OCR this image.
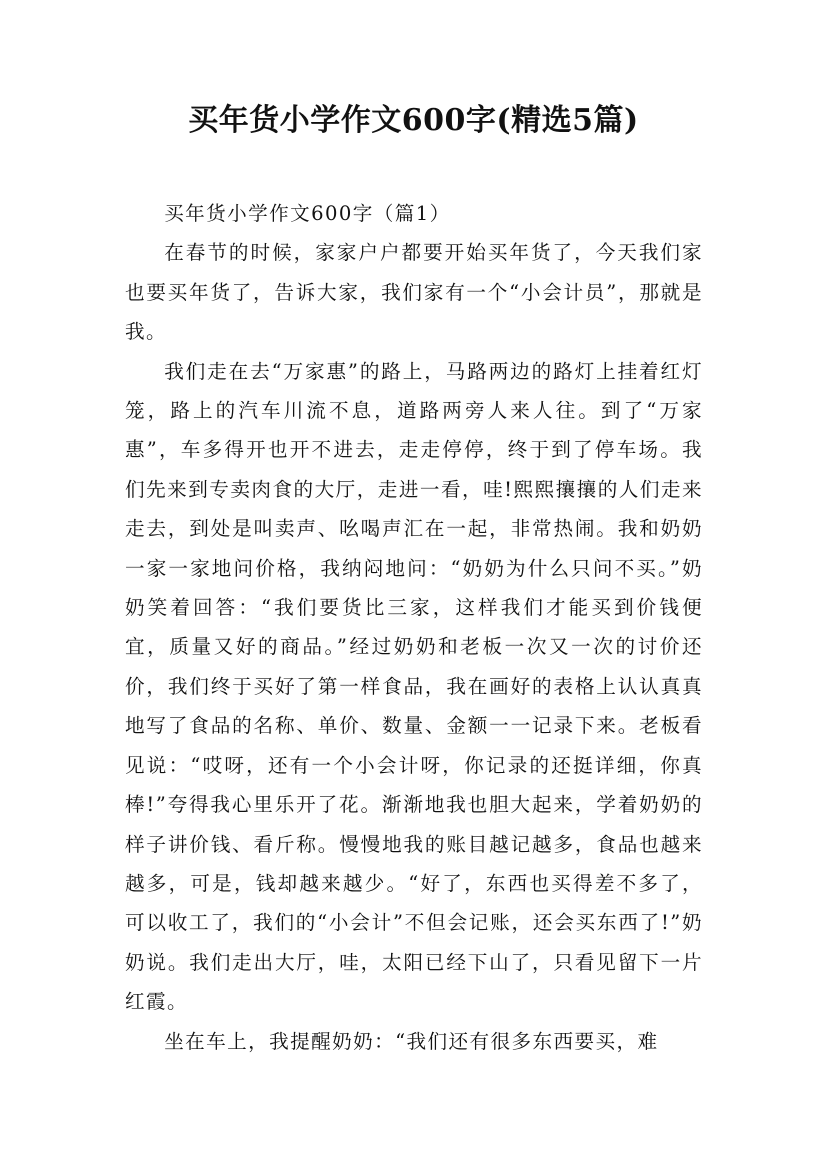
买年货小学作文600字(精选5篇)

买年货小学作文600字（篇1）

在春节的时候，家家户户都要开始买年货了，今天我们家也要买年货了，告诉大家，我们家有一个“小会计员”，那就是我。

我们走在去“万家惠”的路上，马路两边的路灯上挂着红灯笼，路上的汽车川流不息，道路两旁人来人往。到了“万家惠”，车多得开也开不进去，走走停停，终于到了停车场。我们先来到专卖肉食的大厅，走进一看，哇!熙熙攘攘的人们走来走去，到处是叫卖声、吆喝声汇在一起，非常热闹。我和奶奶一家一家地问价格，我纳闷地问：“奶奶为什么只问不买。”奶奶笑着回答：“我们要货比三家，这样我们才能买到价钱便宜，质量又好的商品。”经过奶奶和老板一次又一次的讨价还价，我们终于买好了第一样食品，我在画好的表格上认认真真地写了食品的名称、单价、数量、金额一一记录下来。老板看见说：“哎呀，还有一个小会计呀，你记录的还挺详细，你真棒!”夸得我心里乐开了花。渐渐地我也胆大起来，学着奶奶的样子讲价钱、看斤称。慢慢地我的账目越记越多，食品也越来越多，可是，钱却越来越少。“好了，东西也买得差不多了，可以收工了，我们的“小会计”不但会记账，还会买东西了!”奶奶说。我们走出大厅，哇，太阳已经下山了，只看见留下一片红霞。

坐在车上，我提醒奶奶：“我们还有很多东西要买，难
